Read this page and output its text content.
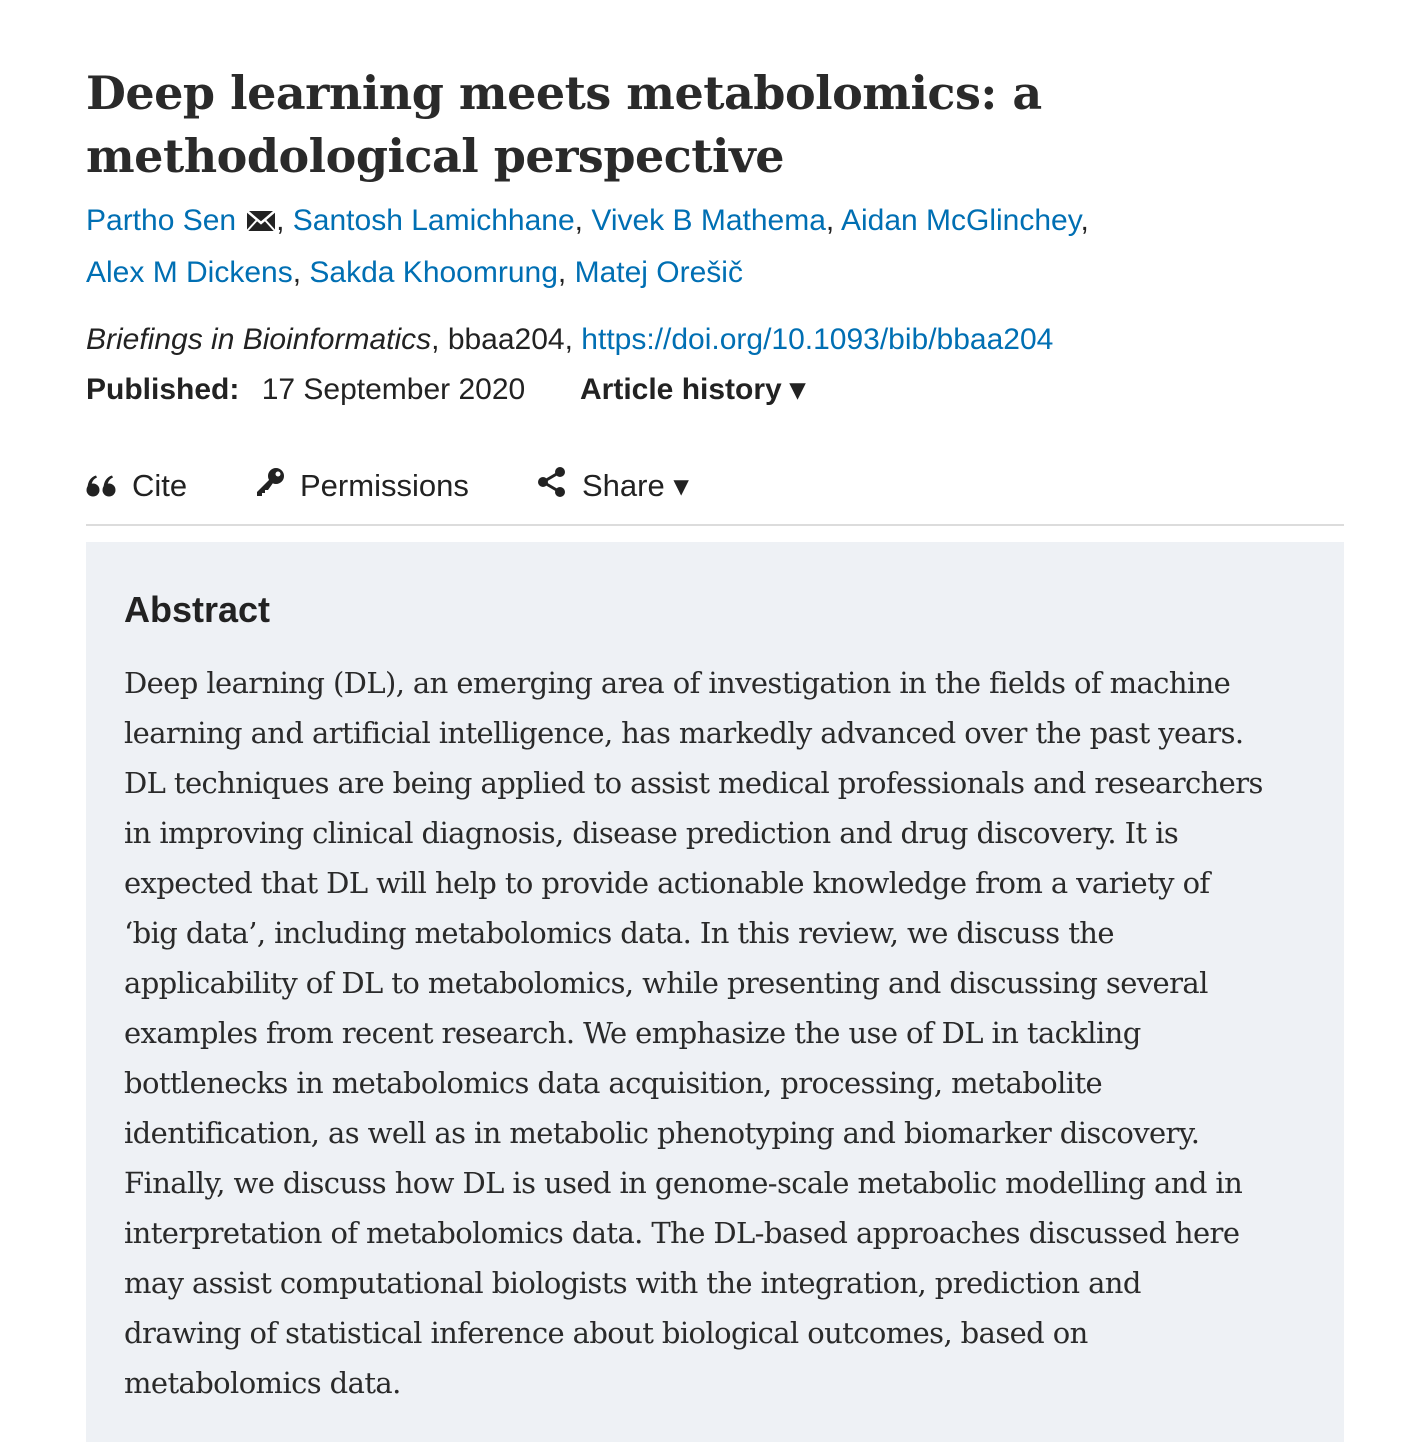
Deep learning meets metabolomics: a methodological perspective
Partho Sen , Santosh Lamichhane, Vivek B Mathema, Aidan McGlinchey,
Alex M Dickens, Sakda Khoomrung, Matej Orešič
Briefings in Bioinformatics, bbaa204, https://doi.org/10.1093/bib/bbaa204
Published: 17 September 2020 Article history ▾
Cite	Permissions	Share ▾
Abstract

Deep learning (DL), an emerging area of investigation in the fields of machine
learning and artificial intelligence, has markedly advanced over the past years.
DL techniques are being applied to assist medical professionals and researchers
in improving clinical diagnosis, disease prediction and drug discovery. It is
expected that DL will help to provide actionable knowledge from a variety of
‘big data’, including metabolomics data. In this review, we discuss the
applicability of DL to metabolomics, while presenting and discussing several
examples from recent research. We emphasize the use of DL in tackling
bottlenecks in metabolomics data acquisition, processing, metabolite
identification, as well as in metabolic phenotyping and biomarker discovery.
Finally, we discuss how DL is used in genome-scale metabolic modelling and in
interpretation of metabolomics data. The DL-based approaches discussed here
may assist computational biologists with the integration, prediction and
drawing of statistical inference about biological outcomes, based on
metabolomics data.
